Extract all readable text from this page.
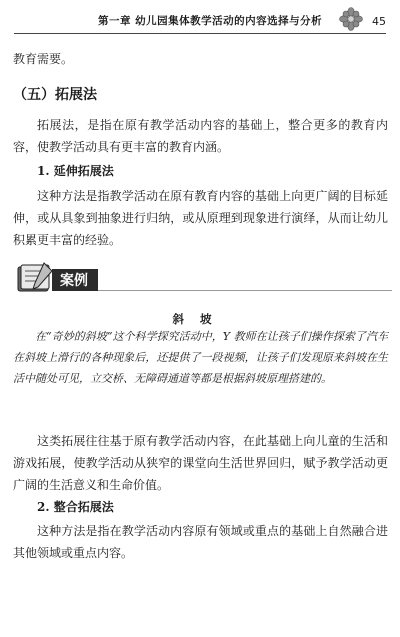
第一章 幼儿园集体教学活动的内容选择与分析	45
教育需要。
（五）拓展法
拓展法，是指在原有教学活动内容的基础上，整合更多的教育内容，使教学活动具有更丰富的教育内涵。
1. 延伸拓展法
这种方法是指教学活动在原有教育内容的基础上向更广阔的目标延伸，或从具象到抽象进行归纳，或从原理到现象进行演绎，从而让幼儿积累更丰富的经验。
案例
斜坡
在“奇妙的斜坡”这个科学探究活动中，Y 教师在让孩子们操作探索了汽车在斜坡上滑行的各种现象后，还提供了一段视频，让孩子们发现原来斜坡在生活中随处可见，立交桥、无障碍通道等都是根据斜坡原理搭建的。
这类拓展往往基于原有教学活动内容，在此基础上向儿童的生活和游戏拓展，使教学活动从狭窄的课堂向生活世界回归，赋予教学活动更广阔的生活意义和生命价值。
2. 整合拓展法
这种方法是指在教学活动内容原有领域或重点的基础上自然融合进其他领域或重点内容。
